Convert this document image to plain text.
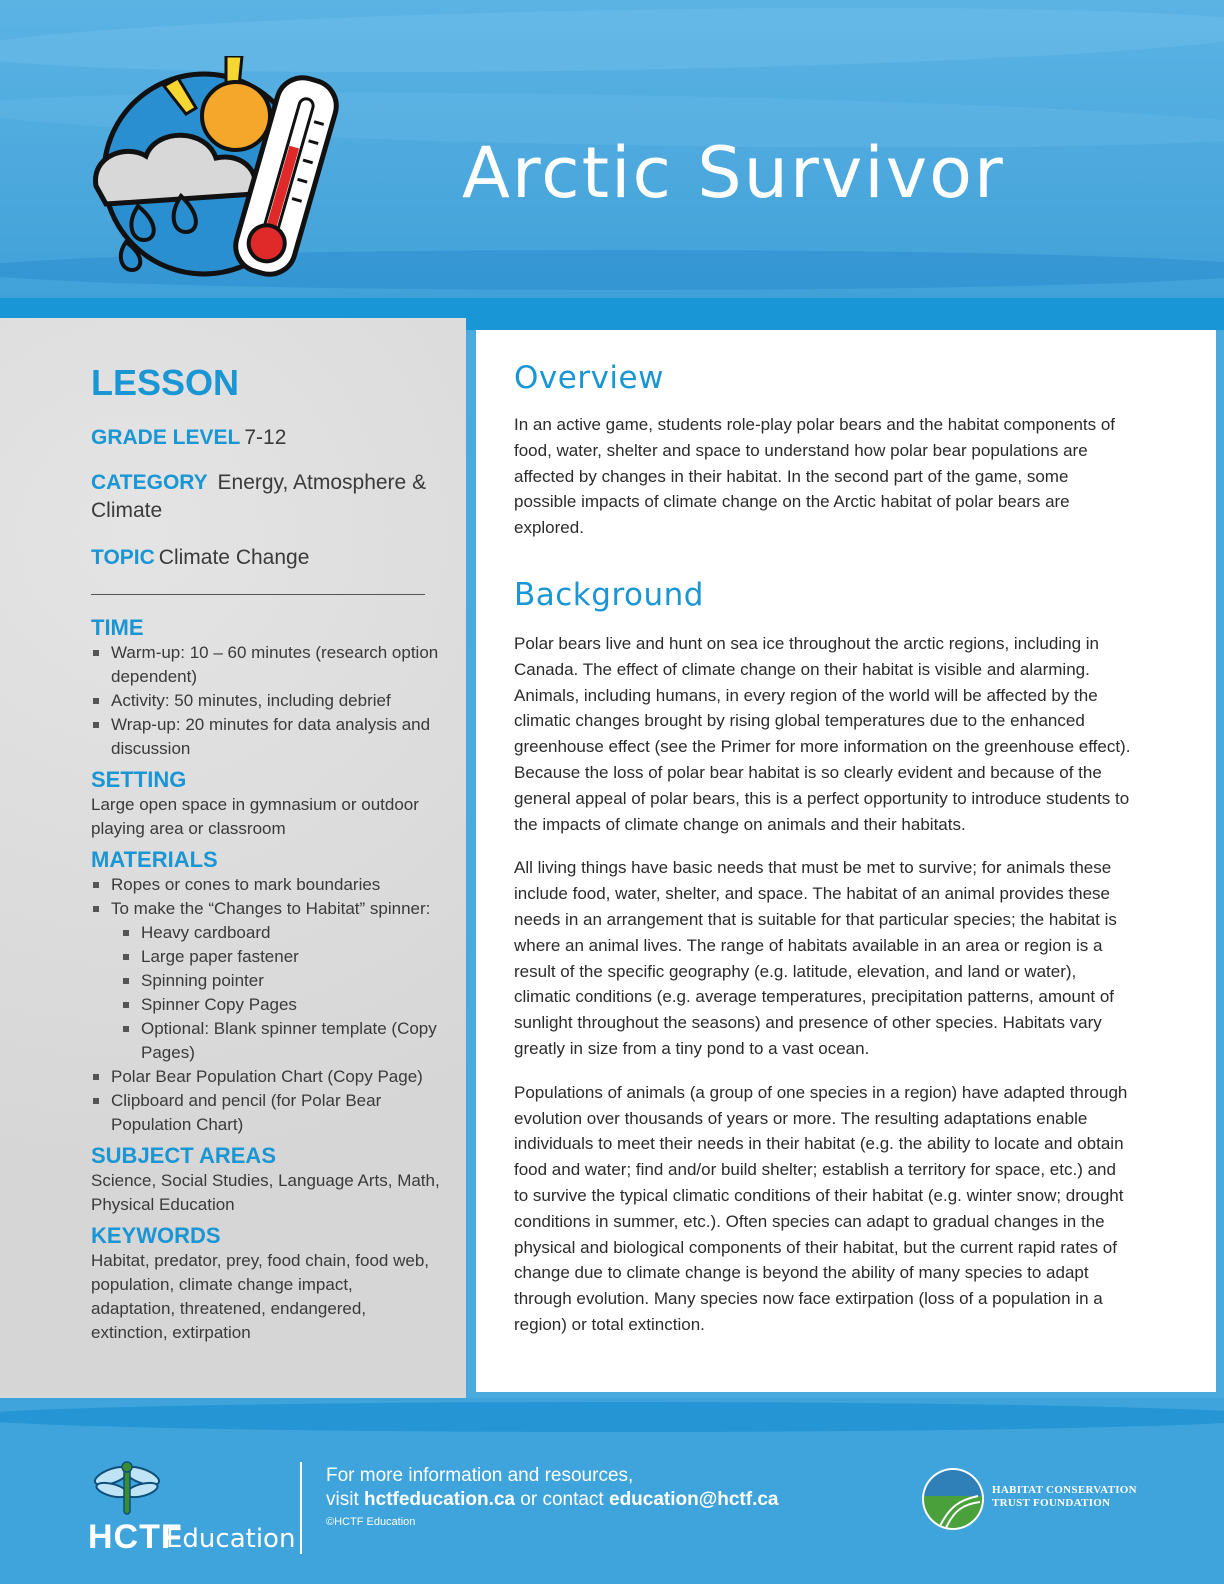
Arctic Survivor
LESSON
GRADE LEVEL 7-12
CATEGORY Energy, Atmosphere & Climate
TOPIC Climate Change
TIME
Warm-up: 10 – 60 minutes (research option dependent)
Activity: 50 minutes, including debrief
Wrap-up: 20 minutes for data analysis and discussion
SETTING
Large open space in gymnasium or outdoor playing area or classroom
MATERIALS
Ropes or cones to mark boundaries
To make the “Changes to Habitat” spinner:
Heavy cardboard
Large paper fastener
Spinning pointer
Spinner Copy Pages
Optional: Blank spinner template (Copy Pages)
Polar Bear Population Chart (Copy Page)
Clipboard and pencil (for Polar Bear Population Chart)
SUBJECT AREAS
Science, Social Studies, Language Arts, Math, Physical Education
KEYWORDS
Habitat, predator, prey, food chain, food web, population, climate change impact, adaptation, threatened, endangered, extinction, extirpation
Overview

In an active game, students role-play polar bears and the habitat components of food, water, shelter and space to understand how polar bear populations are affected by changes in their habitat. In the second part of the game, some possible impacts of climate change on the Arctic habitat of polar bears are explored.

Background

Polar bears live and hunt on sea ice throughout the arctic regions, including in Canada. The effect of climate change on their habitat is visible and alarming. Animals, including humans, in every region of the world will be affected by the climatic changes brought by rising global temperatures due to the enhanced greenhouse effect (see the Primer for more information on the greenhouse effect). Because the loss of polar bear habitat is so clearly evident and because of the general appeal of polar bears, this is a perfect opportunity to introduce students to the impacts of climate change on animals and their habitats.

All living things have basic needs that must be met to survive; for animals these include food, water, shelter, and space. The habitat of an animal provides these needs in an arrangement that is suitable for that particular species; the habitat is where an animal lives. The range of habitats available in an area or region is a result of the specific geography (e.g. latitude, elevation, and land or water), climatic conditions (e.g. average temperatures, precipitation patterns, amount of sunlight throughout the seasons) and presence of other species. Habitats vary greatly in size from a tiny pond to a vast ocean.

Populations of animals (a group of one species in a region) have adapted through evolution over thousands of years or more. The resulting adaptations enable individuals to meet their needs in their habitat (e.g. the ability to locate and obtain food and water; find and/or build shelter; establish a territory for space, etc.) and to survive the typical climatic conditions of their habitat (e.g. winter snow; drought conditions in summer, etc.). Often species can adapt to gradual changes in the physical and biological components of their habitat, but the current rapid rates of change due to climate change is beyond the ability of many species to adapt through evolution. Many species now face extirpation (loss of a population in a region) or total extinction.

HCTF
Education
For more information and resources,
visit hctfeducation.ca or contact education@hctf.ca
©HCTF Education
HABITAT CONSERVATION
TRUST FOUNDATION
